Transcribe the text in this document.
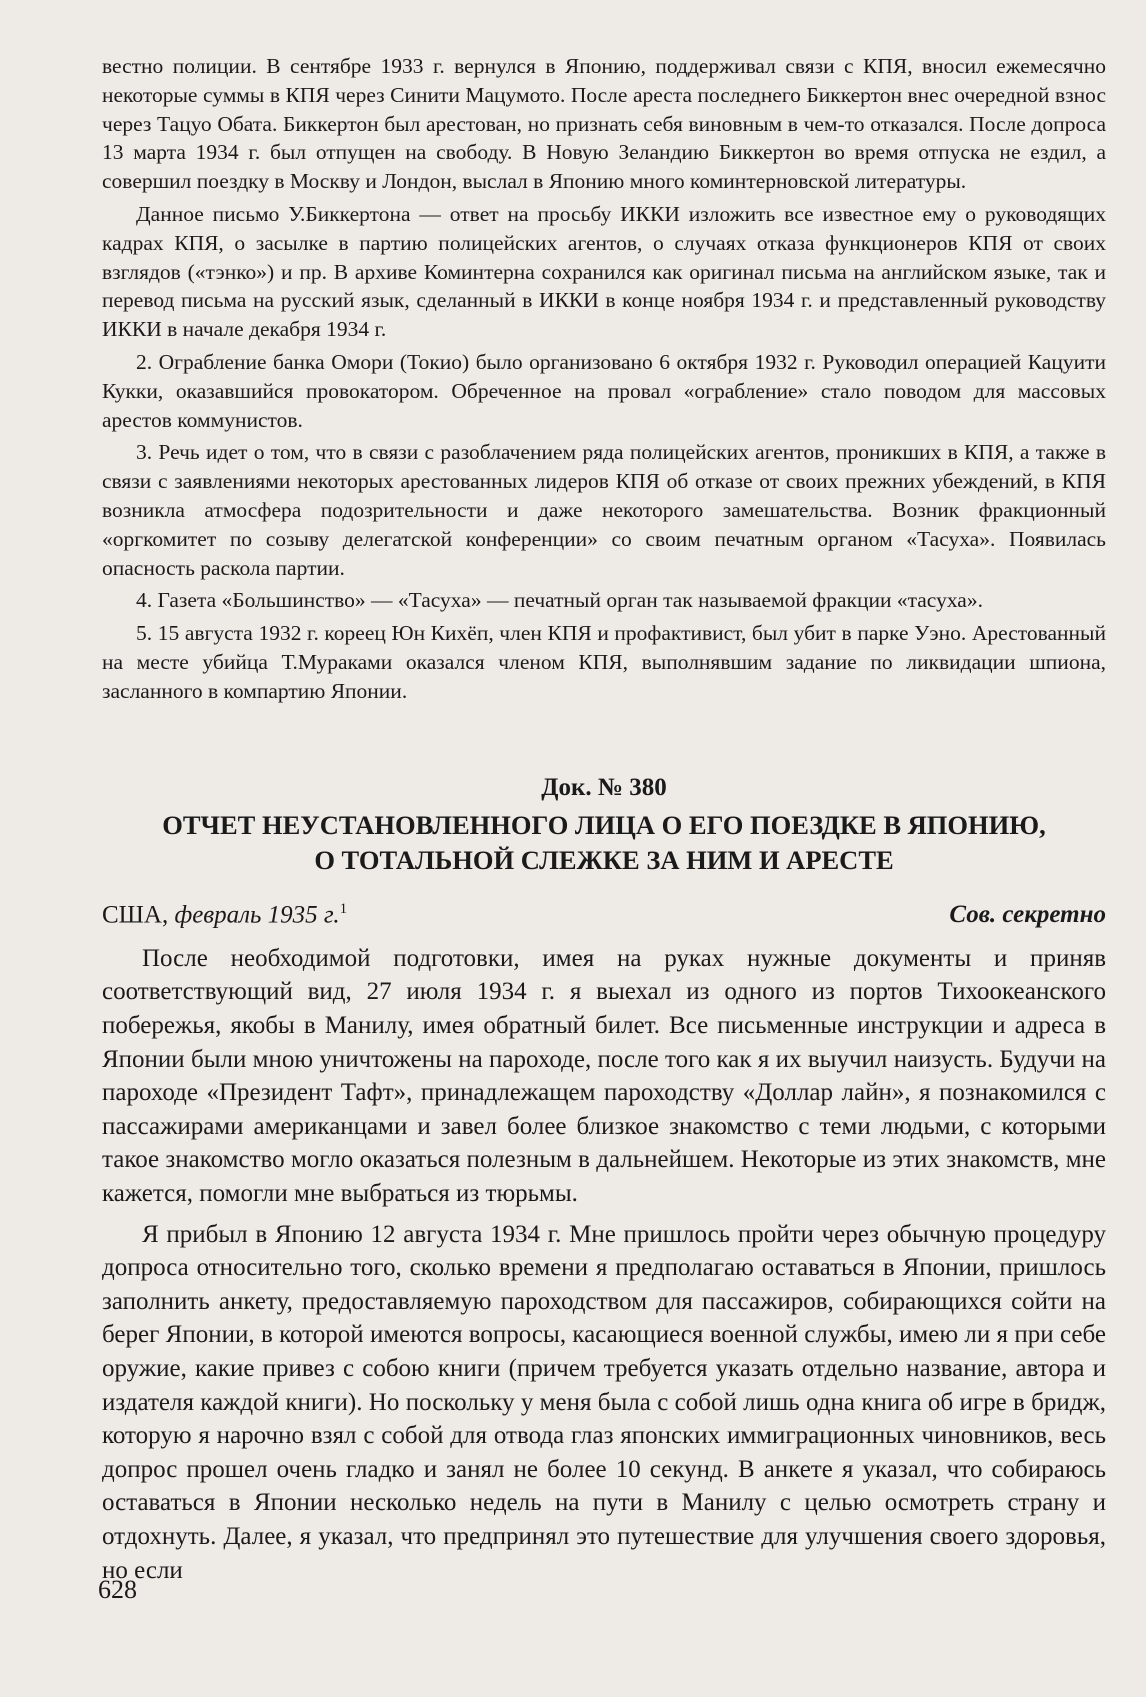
вестно полиции. В сентябре 1933 г. вернулся в Японию, поддерживал связи с КПЯ, вносил ежемесячно некоторые суммы в КПЯ через Синити Мацумото. После ареста последнего Биккертон внес очередной взнос через Тацуо Обата. Биккертон был арестован, но признать себя виновным в чем-то отказался. После допроса 13 марта 1934 г. был отпущен на свободу. В Новую Зеландию Биккертон во время отпуска не ездил, а совершил поездку в Москву и Лондон, выслал в Японию много коминтерновской литературы.

Данное письмо У.Биккертона — ответ на просьбу ИККИ изложить все известное ему о руководящих кадрах КПЯ, о засылке в партию полицейских агентов, о случаях отказа функционеров КПЯ от своих взглядов («тэнко») и пр. В архиве Коминтерна сохранился как оригинал письма на английском языке, так и перевод письма на русский язык, сделанный в ИККИ в конце ноября 1934 г. и представленный руководству ИККИ в начале декабря 1934 г.

2. Ограбление банка Омори (Токио) было организовано 6 октября 1932 г. Руководил операцией Кацуити Кукки, оказавшийся провокатором. Обреченное на провал «ограбление» стало поводом для массовых арестов коммунистов.

3. Речь идет о том, что в связи с разоблачением ряда полицейских агентов, проникших в КПЯ, а также в связи с заявлениями некоторых арестованных лидеров КПЯ об отказе от своих прежних убеждений, в КПЯ возникла атмосфера подозрительности и даже некоторого замешательства. Возник фракционный «оргкомитет по созыву делегатской конференции» со своим печатным органом «Тасуха». Появилась опасность раскола партии.

4. Газета «Большинство» — «Тасуха» — печатный орган так называемой фракции «тасуха».

5. 15 августа 1932 г. кореец Юн Кихёп, член КПЯ и профактивист, был убит в парке Уэно. Арестованный на месте убийца Т.Мураками оказался членом КПЯ, выполнявшим задание по ликвидации шпиона, засланного в компартию Японии.

Док. № 380
ОТЧЕТ НЕУСТАНОВЛЕННОГО ЛИЦА О ЕГО ПОЕЗДКЕ В ЯПОНИЮ,
О ТОТАЛЬНОЙ СЛЕЖКЕ ЗА НИМ И АРЕСТЕ
США, февраль 1935 г.$^1$	Сов. секретно

После необходимой подготовки, имея на руках нужные документы и приняв соответствующий вид, 27 июля 1934 г. я выехал из одного из портов Тихоокеанского побережья, якобы в Манилу, имея обратный билет. Все письменные инструкции и адреса в Японии были мною уничтожены на пароходе, после того как я их выучил наизусть. Будучи на пароходе «Президент Тафт», принадлежащем пароходству «Доллар лайн», я познакомился с пассажирами американцами и завел более близкое знакомство с теми людьми, с которыми такое знакомство могло оказаться полезным в дальнейшем. Некоторые из этих знакомств, мне кажется, помогли мне выбраться из тюрьмы.

Я прибыл в Японию 12 августа 1934 г. Мне пришлось пройти через обычную процедуру допроса относительно того, сколько времени я предполагаю оставаться в Японии, пришлось заполнить анкету, предоставляемую пароходством для пассажиров, собирающихся сойти на берег Японии, в которой имеются вопросы, касающиеся военной службы, имею ли я при себе оружие, какие привез с собою книги (причем требуется указать отдельно название, автора и издателя каждой книги). Но поскольку у меня была с собой лишь одна книга об игре в бридж, которую я нарочно взял с собой для отвода глаз японских иммиграционных чиновников, весь допрос прошел очень гладко и занял не более 10 секунд. В анкете я указал, что собираюсь оставаться в Японии несколько недель на пути в Манилу с целью осмотреть страну и отдохнуть. Далее, я указал, что предпринял это путешествие для улучшения своего здоровья, но если

628
